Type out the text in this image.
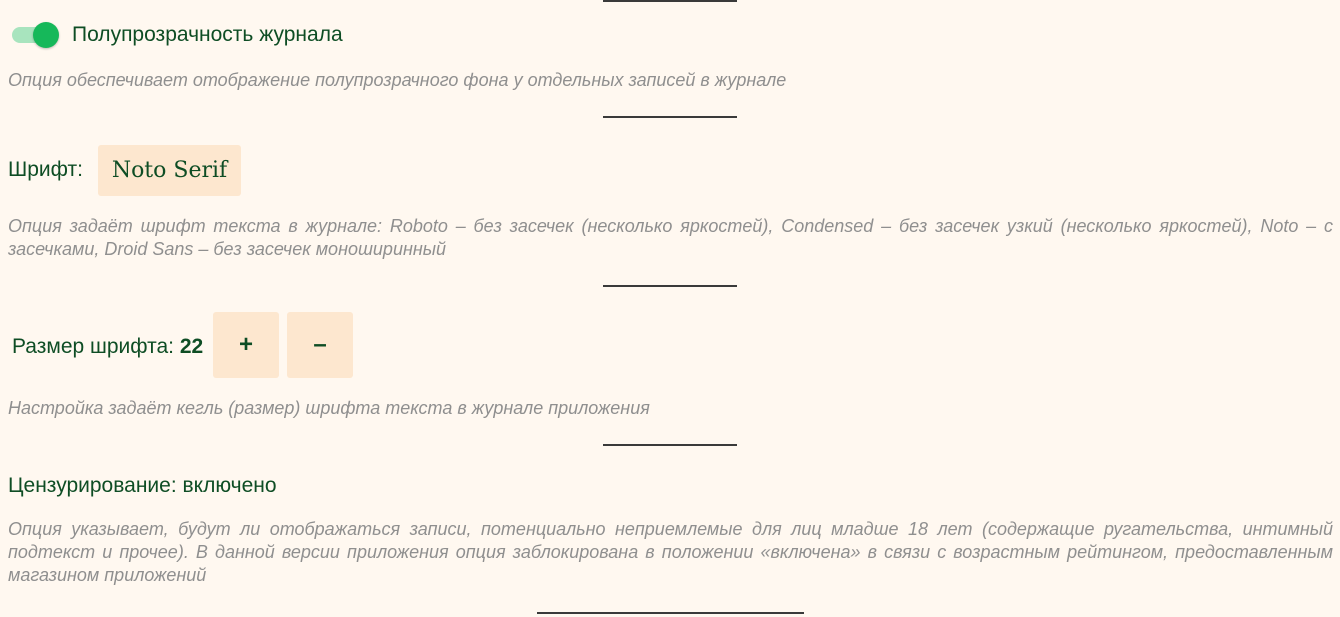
Полупрозрачность журнала
Опция обеспечивает отображение полупрозрачного фона у отдельных записей в журнале
Шрифт:	Noto Serif
Опция задаёт шрифт текста в журнале: Roboto – без засечек (несколько яркостей), Condensed – без засечек узкий (несколько яркостей), Noto – с засечками, Droid Sans – без засечек моноширинный
Размер шрифта: 22	+	–
Настройка задаёт кегль (размер) шрифта текста в журнале приложения
Цензурирование: включено
Опция указывает, будут ли отображаться записи, потенциально неприемлемые для лиц младше 18 лет (содержащие ругательства, интимный подтекст и прочее). В данной версии приложения опция заблокирована в положении «включена» в связи с возрастным рейтингом, предоставленным магазином приложений
